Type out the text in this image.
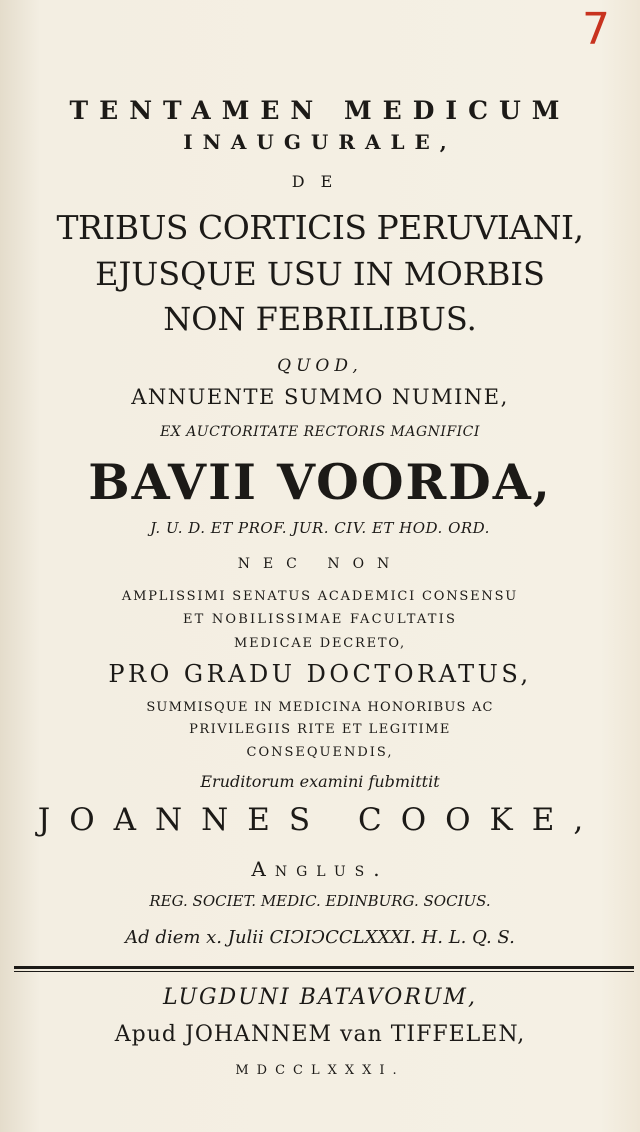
7
TENTAMEN MEDICUM
INAUGURALE,
DE
TRIBUS CORTICIS PERUVIANI,
EJUSQUE USU IN MORBIS
NON FEBRILIBUS.
QUOD,
ANNUENTE SUMMO NUMINE,
EX AUCTORITATE RECTORIS MAGNIFICI
BAVII VOORDA,
J. U. D. ET PROF. JUR. CIV. ET HOD. ORD.
NEC NON
AMPLISSIMI SENATUS ACADEMICI CONSENSU
ET NOBILISSIMAE FACULTATIS
MEDICAE DECRETO,
PRO GRADU DOCTORATUS,
SUMMISQUE IN MEDICINA HONORIBUS AC
PRIVILEGIIS RITE ET LEGITIME
CONSEQUENDIS,
Eruditorum examini fubmittit
JOANNES COOKE,
Anglus.
REG. SOCIET. MEDIC. EDINBURG. SOCIUS.
Ad diem x. Julii CIↃIↃCCLXXXI. H. L. Q. S.
LUGDUNI BATAVORUM,
Apud JOHANNEM van TIFFELEN,
MDCCLXXXI.
